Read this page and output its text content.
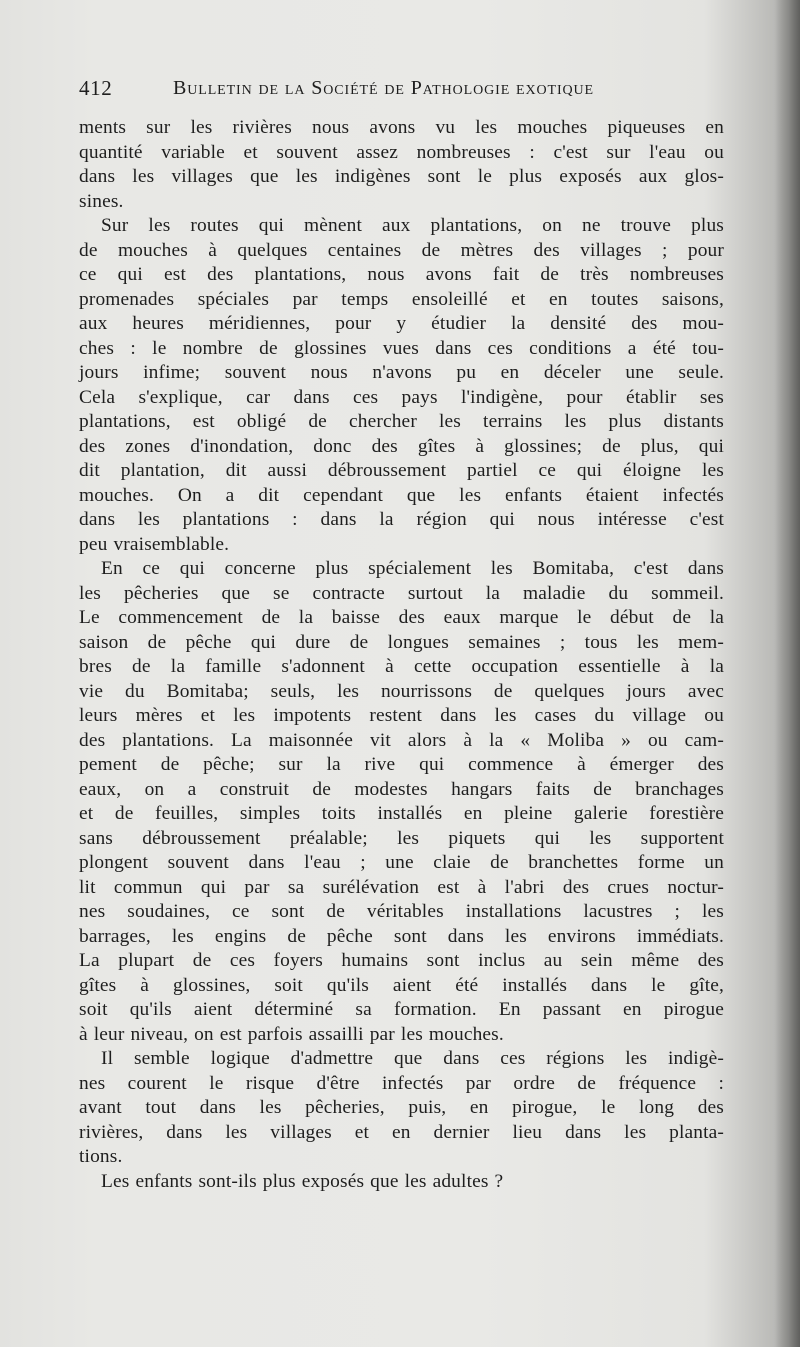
412	Bulletin de la Société de Pathologie exotique
ments sur les rivières nous avons vu les mouches piqueuses en
quantité variable et souvent assez nombreuses : c'est sur l'eau ou
dans les villages que les indigènes sont le plus exposés aux glos-
sines.
Sur les routes qui mènent aux plantations, on ne trouve plus
de mouches à quelques centaines de mètres des villages ; pour
ce qui est des plantations, nous avons fait de très nombreuses
promenades spéciales par temps ensoleillé et en toutes saisons,
aux heures méridiennes, pour y étudier la densité des mou-
ches : le nombre de glossines vues dans ces conditions a été tou-
jours infime; souvent nous n'avons pu en déceler une seule.
Cela s'explique, car dans ces pays l'indigène, pour établir ses
plantations, est obligé de chercher les terrains les plus distants
des zones d'inondation, donc des gîtes à glossines; de plus, qui
dit plantation, dit aussi débroussement partiel ce qui éloigne les
mouches. On a dit cependant que les enfants étaient infectés
dans les plantations : dans la région qui nous intéresse c'est
peu vraisemblable.
En ce qui concerne plus spécialement les Bomitaba, c'est dans
les pêcheries que se contracte surtout la maladie du sommeil.
Le commencement de la baisse des eaux marque le début de la
saison de pêche qui dure de longues semaines ; tous les mem-
bres de la famille s'adonnent à cette occupation essentielle à la
vie du Bomitaba; seuls, les nourrissons de quelques jours avec
leurs mères et les impotents restent dans les cases du village ou
des plantations. La maisonnée vit alors à la « Moliba » ou cam-
pement de pêche; sur la rive qui commence à émerger des
eaux, on a construit de modestes hangars faits de branchages
et de feuilles, simples toits installés en pleine galerie forestière
sans débroussement préalable; les piquets qui les supportent
plongent souvent dans l'eau ; une claie de branchettes forme un
lit commun qui par sa surélévation est à l'abri des crues noctur-
nes soudaines, ce sont de véritables installations lacustres ; les
barrages, les engins de pêche sont dans les environs immédiats.
La plupart de ces foyers humains sont inclus au sein même des
gîtes à glossines, soit qu'ils aient été installés dans le gîte,
soit qu'ils aient déterminé sa formation. En passant en pirogue
à leur niveau, on est parfois assailli par les mouches.
Il semble logique d'admettre que dans ces régions les indigè-
nes courent le risque d'être infectés par ordre de fréquence :
avant tout dans les pêcheries, puis, en pirogue, le long des
rivières, dans les villages et en dernier lieu dans les planta-
tions.
Les enfants sont-ils plus exposés que les adultes ?
